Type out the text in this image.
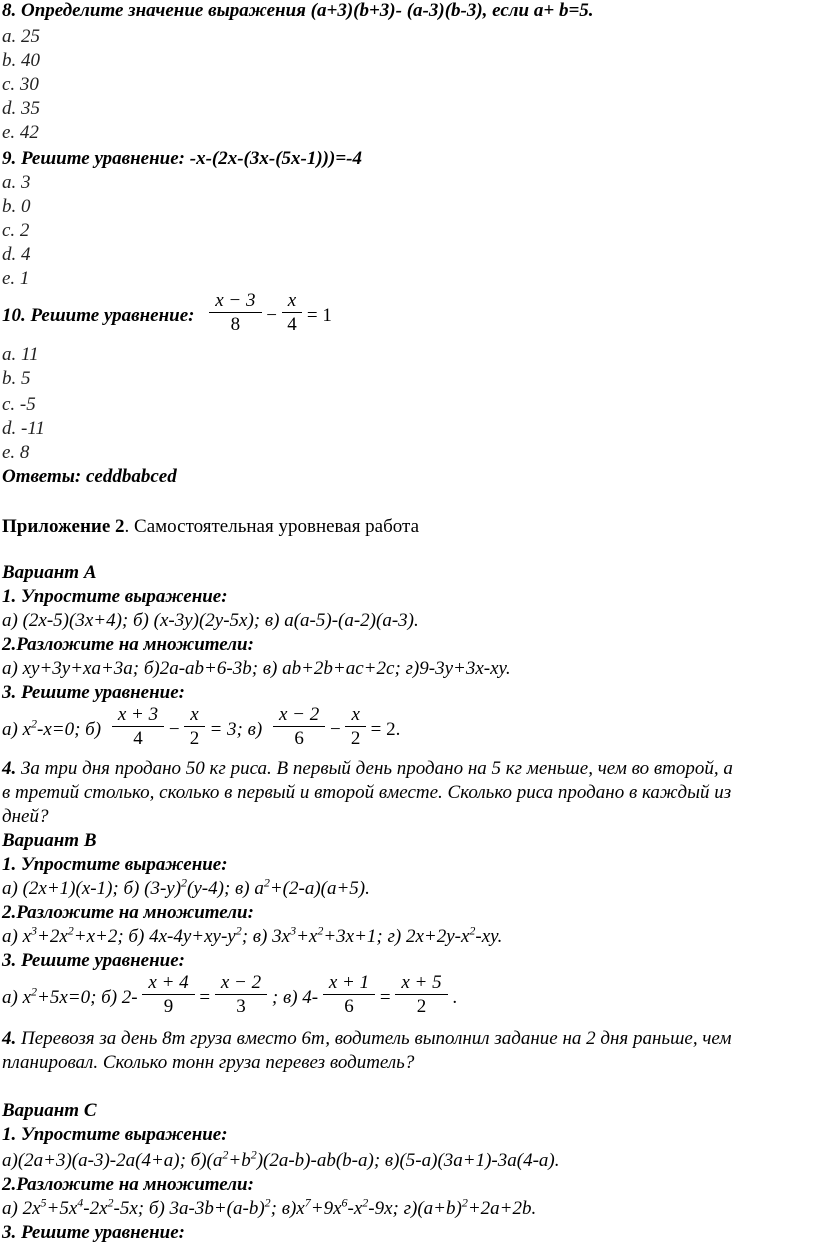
8. Определите значение выражения (a+3)(b+3)- (a-3)(b-3), если a+ b=5.
a. 25
b. 40
c. 30
d. 35
e. 42
9. Решите уравнение: -x-(2x-(3x-(5x-1)))=-4
a. 3
b. 0
c. 2
d. 4
e. 1
10. Решите уравнение: $\frac{x - 3}{8} - \frac{x}{4} = 1$
a. 11
b. 5
c. -5
d. -11
e. 8
Ответы: ceddbabced
Приложение 2. Самостоятельная уровневая работа
Вариант А
1. Упростите выражение:
а) (2x-5)(3x+4); б) (x-3y)(2y-5x); в) a(a-5)-(a-2)(a-3).
2.Разложите на множители:
а) xy+3y+xa+3a; б)2a-ab+6-3b; в) ab+2b+ac+2c; г)9-3y+3x-xy.
3. Решите уравнение:
а) $x^2-x=0$; $б) \frac{x + 3}{4} - \frac{x}{2} = 3$; $в) \frac{x - 2}{6} - \frac{x}{2} = 2$.
4. За три дня продано 50 кг риса. В первый день продано на 5 кг меньше, чем во второй, а
в третий столько, сколько в первый и второй вместе. Сколько риса продано в каждый из
дней?
Вариант В
1. Упростите выражение:
а) (2x+1)(x-1); б) $(3-y)^2(y-4)$; в) $a^2+(2-a)(a+5)$.
2.Разложите на множители:
а) $x^3+2x^2+x+2$; б) $4x-4y+xy-y^2$; в) $3x^3+x^2+3x+1$; г) $2x+2y-x^2-xy$.
3. Решите уравнение:
а) $x^2+5x=0$; б) $2- \frac{x + 4}{9} = \frac{x - 2}{3}$ ; в) $4- \frac{x + 1}{6} = \frac{x + 5}{2}$ .
4. Перевозя за день 8т груза вместо 6т, водитель выполнил задание на 2 дня раньше, чем
планировал. Сколько тонн груза перевез водитель?
Вариант С
1. Упростите выражение:
а)(2a+3)(a-3)-2a(4+a); $б)(a^2+b^2)(2a-b)-ab(b-a)$; в)(5-a)(3a+1)-3a(4-a).
2.Разложите на множители:
а) $2x^5+5x^4-2x^2-5x$; б) $3a-3b+(a-b)^2$; $в)x^7+9x^6-x^2-9x$; $г)(a+b)^2+2a+2b$.
3. Решите уравнение:
